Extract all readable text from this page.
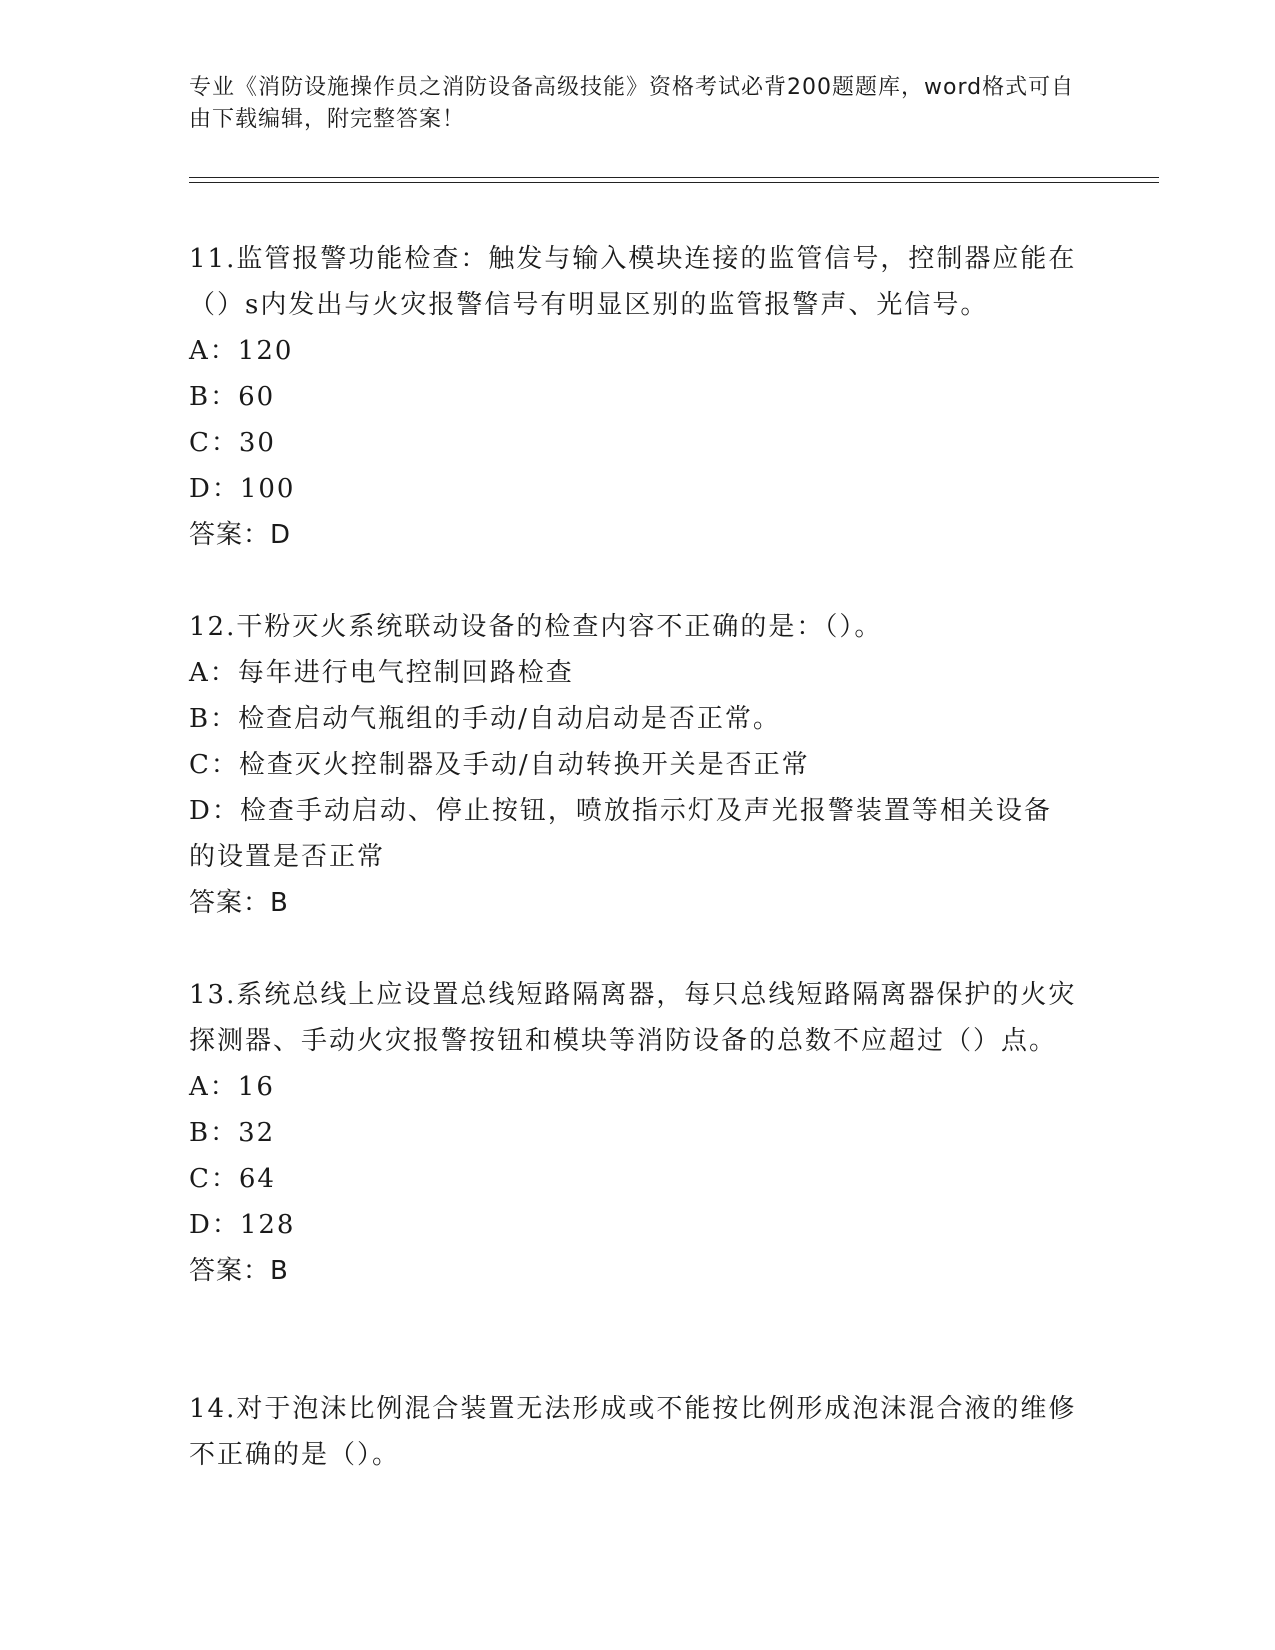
专业《消防设施操作员之消防设备高级技能》资格考试必背200题题库，word格式可自由下载编辑，附完整答案！

11.监管报警功能检查：触发与输入模块连接的监管信号，控制器应能在（）s内发出与火灾报警信号有明显区别的监管报警声、光信号。

A：120

B：60

C：30

D：100

答案：D

12.干粉灭火系统联动设备的检查内容不正确的是：（）。

A：每年进行电气控制回路检查

B：检查启动气瓶组的手动/自动启动是否正常。

C：检查灭火控制器及手动/自动转换开关是否正常

D：检查手动启动、停止按钮，喷放指示灯及声光报警装置等相关设备的设置是否正常

答案：B

13.系统总线上应设置总线短路隔离器，每只总线短路隔离器保护的火灾探测器、手动火灾报警按钮和模块等消防设备的总数不应超过（）点。

A：16

B：32

C：64

D：128

答案：B

14.对于泡沫比例混合装置无法形成或不能按比例形成泡沫混合液的维修不正确的是（）。
